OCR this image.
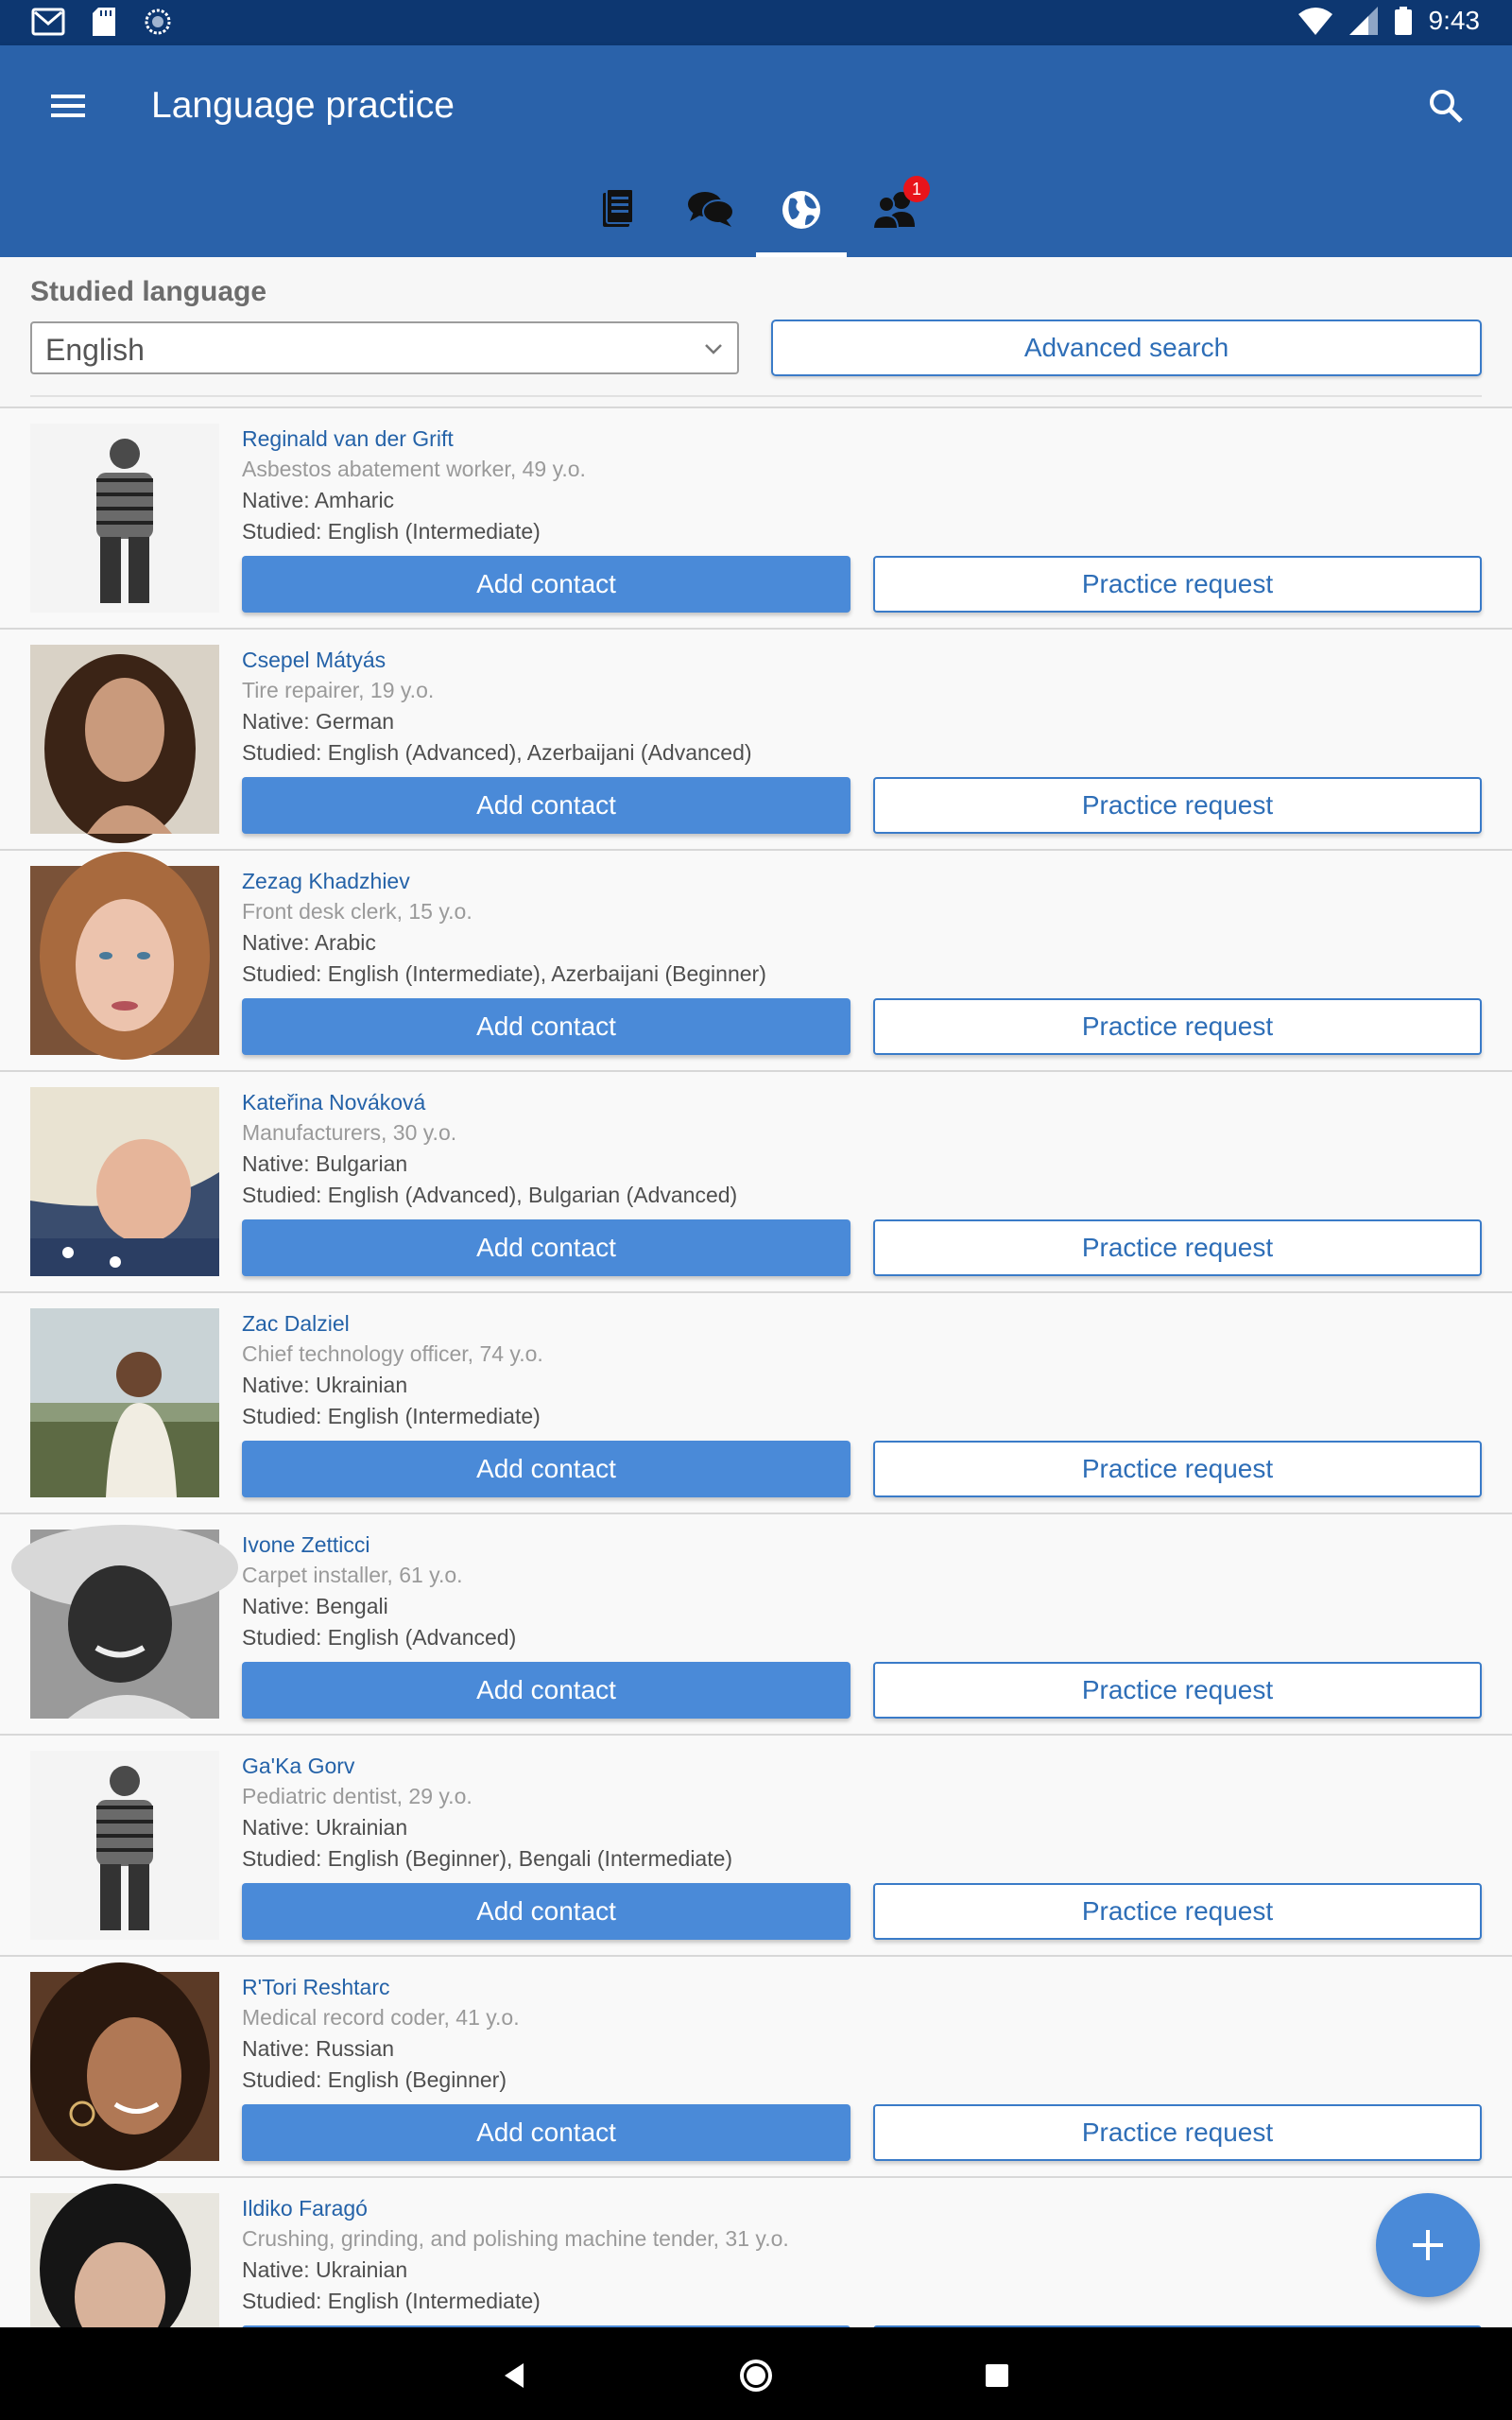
9:43
Language practice
1
Studied language
English	Advanced search
Reginald van der Grift
Asbestos abatement worker, 49 y.o.
Native: Amharic
Studied: English (Intermediate)
Add contact	Practice request
Csepel Mátyás
Tire repairer, 19 y.o.
Native: German
Studied: English (Advanced), Azerbaijani (Advanced)
Add contact	Practice request
Zezag Khadzhiev
Front desk clerk, 15 y.o.
Native: Arabic
Studied: English (Intermediate), Azerbaijani (Beginner)
Add contact	Practice request
Kateřina Nováková
Manufacturers, 30 y.o.
Native: Bulgarian
Studied: English (Advanced), Bulgarian (Advanced)
Add contact	Practice request
Zac Dalziel
Chief technology officer, 74 y.o.
Native: Ukrainian
Studied: English (Intermediate)
Add contact	Practice request
Ivone Zetticci
Carpet installer, 61 y.o.
Native: Bengali
Studied: English (Advanced)
Add contact	Practice request
Ga'Ka Gorv
Pediatric dentist, 29 y.o.
Native: Ukrainian
Studied: English (Beginner), Bengali (Intermediate)
Add contact	Practice request
R'Tori Reshtarc
Medical record coder, 41 y.o.
Native: Russian
Studied: English (Beginner)
Add contact	Practice request
Ildiko Faragó
Crushing, grinding, and polishing machine tender, 31 y.o.
Native: Ukrainian
Studied: English (Intermediate)
